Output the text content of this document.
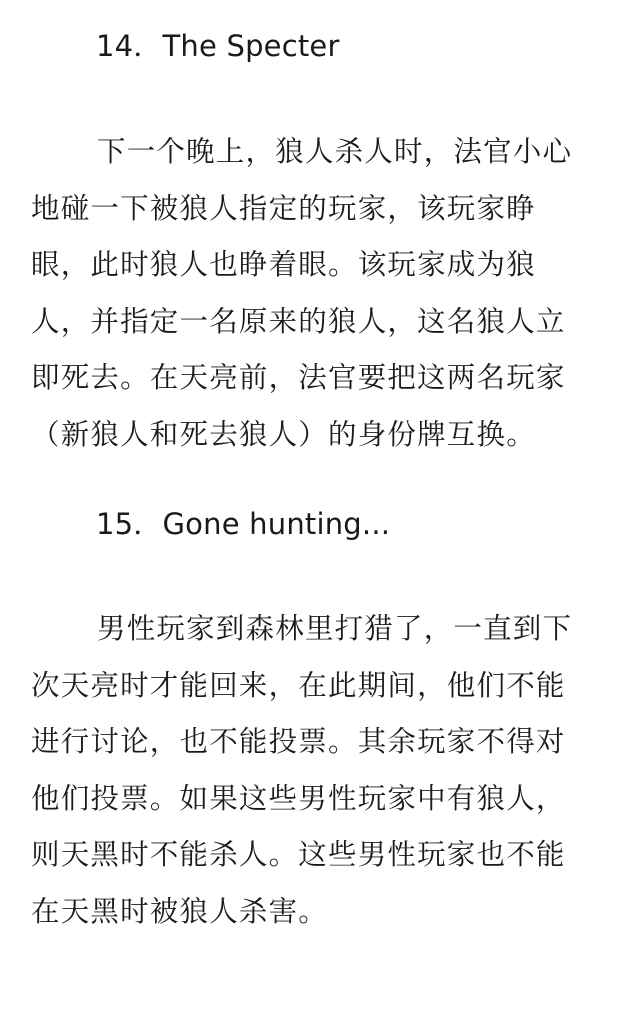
14．The Specter

下一个晚上，狼人杀人时，法官小心
地碰一下被狼人指定的玩家，该玩家睁
眼，此时狼人也睁着眼。该玩家成为狼
人，并指定一名原来的狼人，这名狼人立
即死去。在天亮前，法官要把这两名玩家
（新狼人和死去狼人）的身份牌互换。

15．Gone hunting...

男性玩家到森林里打猎了，一直到下
次天亮时才能回来，在此期间，他们不能
进行讨论，也不能投票。其余玩家不得对
他们投票。如果这些男性玩家中有狼人，
则天黑时不能杀人。这些男性玩家也不能
在天黑时被狼人杀害。
